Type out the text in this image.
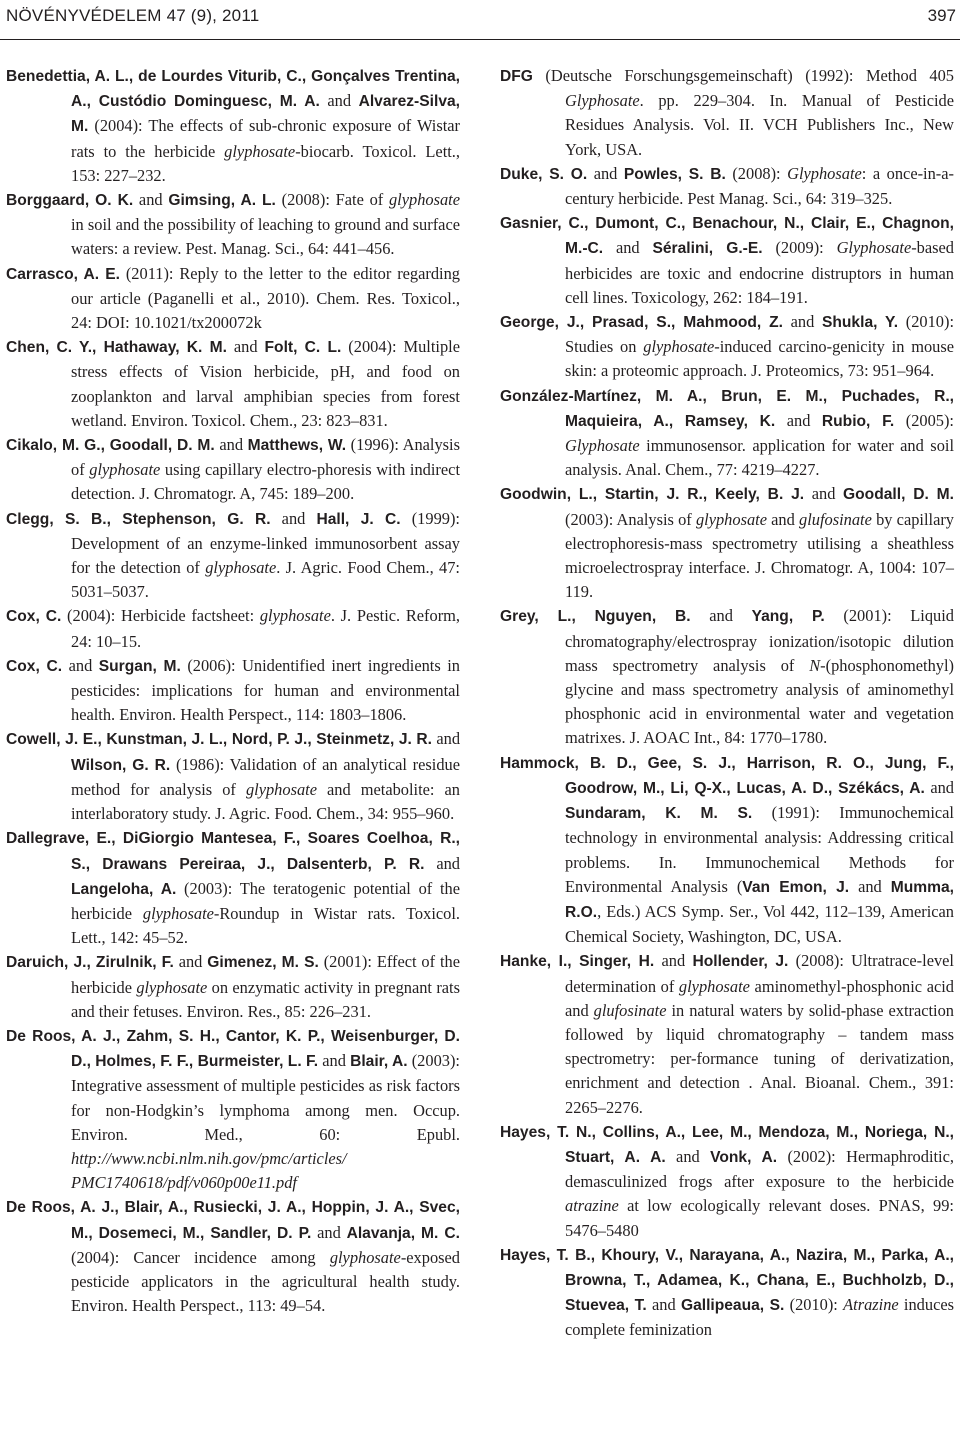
NÖVÉNYVÉDELEM 47 (9), 2011	397

Benedettia, A. L., de Lourdes Viturib, C., Gonçalves Trentina, A., Custódio Dominguesc, M. A. and Alvarez-Silva, M. (2004): The effects of sub-chronic exposure of Wistar rats to the herbicide glyphosate-biocarb. Toxicol. Lett., 153: 227–232.

Borggaard, O. K. and Gimsing, A. L. (2008): Fate of glyphosate in soil and the possibility of leaching to ground and surface waters: a review. Pest. Manag. Sci., 64: 441–456.

Carrasco, A. E. (2011): Reply to the letter to the editor regarding our article (Paganelli et al., 2010). Chem. Res. Toxicol., 24: DOI: 10.1021/tx200072k

Chen, C. Y., Hathaway, K. M. and Folt, C. L. (2004): Multiple stress effects of Vision herbicide, pH, and food on zooplankton and larval amphibian species from forest wetland. Environ. Toxicol. Chem., 23: 823–831.

Cikalo, M. G., Goodall, D. M. and Matthews, W. (1996): Analysis of glyphosate using capillary electro-phoresis with indirect detection. J. Chromatogr. A, 745: 189–200.

Clegg, S. B., Stephenson, G. R. and Hall, J. C. (1999): Development of an enzyme-linked immunosorbent assay for the detection of glyphosate. J. Agric. Food Chem., 47: 5031–5037.

Cox, C. (2004): Herbicide factsheet: glyphosate. J. Pestic. Reform, 24: 10–15.

Cox, C. and Surgan, M. (2006): Unidentified inert ingredients in pesticides: implications for human and environmental health. Environ. Health Perspect., 114: 1803–1806.

Cowell, J. E., Kunstman, J. L., Nord, P. J., Steinmetz, J. R. and Wilson, G. R. (1986): Validation of an analytical residue method for analysis of glyphosate and metabolite: an interlaboratory study. J. Agric. Food. Chem., 34: 955–960.

Dallegrave, E., DiGiorgio Mantesea, F., Soares Coelhoa, R., S., Drawans Pereiraa, J., Dalsenterb, P. R. and Langeloha, A. (2003): The teratogenic potential of the herbicide glyphosate-Roundup in Wistar rats. Toxicol. Lett., 142: 45–52.

Daruich, J., Zirulnik, F. and Gimenez, M. S. (2001): Effect of the herbicide glyphosate on enzymatic activity in pregnant rats and their fetuses. Environ. Res., 85: 226–231.

De Roos, A. J., Zahm, S. H., Cantor, K. P., Weisenburger, D. D., Holmes, F. F., Burmeister, L. F. and Blair, A. (2003): Integrative assessment of multiple pesticides as risk factors for non-Hodgkin’s lymphoma among men. Occup. Environ. Med., 60: Epubl. http://www.ncbi.nlm.nih.gov/pmc/articles/ PMC1740618/pdf/v060p00e11.pdf

De Roos, A. J., Blair, A., Rusiecki, J. A., Hoppin, J. A., Svec, M., Dosemeci, M., Sandler, D. P. and Alavanja, M. C. (2004): Cancer incidence among glyphosate-exposed pesticide applicators in the agricultural health study. Environ. Health Perspect., 113: 49–54.

DFG (Deutsche Forschungsgemeinschaft) (1992): Method 405 Glyphosate. pp. 229–304. In. Manual of Pesticide Residues Analysis. Vol. II. VCH Publishers Inc., New York, USA.

Duke, S. O. and Powles, S. B. (2008): Glyphosate: a once-in-a-century herbicide. Pest Manag. Sci., 64: 319–325.

Gasnier, C., Dumont, C., Benachour, N., Clair, E., Chagnon, M.-C. and Séralini, G.-E. (2009): Glyphosate-based herbicides are toxic and endocrine distruptors in human cell lines. Toxicology, 262: 184–191.

George, J., Prasad, S., Mahmood, Z. and Shukla, Y. (2010): Studies on glyphosate-induced carcino-genicity in mouse skin: a proteomic approach. J. Proteomics, 73: 951–964.

González-Martínez, M. A., Brun, E. M., Puchades, R., Maquieira, A., Ramsey, K. and Rubio, F. (2005): Glyphosate immunosensor. application for water and soil analysis. Anal. Chem., 77: 4219–4227.

Goodwin, L., Startin, J. R., Keely, B. J. and Goodall, D. M. (2003): Analysis of glyphosate and glufosinate by capillary electrophoresis-mass spectrometry utilising a sheathless microelectrospray interface. J. Chromatogr. A, 1004: 107–119.

Grey, L., Nguyen, B. and Yang, P. (2001): Liquid chromatography/electrospray ionization/isotopic dilution mass spectrometry analysis of N-(phosphonomethyl) glycine and mass spectrometry analysis of aminomethyl phosphonic acid in environmental water and vegetation matrixes. J. AOAC Int., 84: 1770–1780.

Hammock, B. D., Gee, S. J., Harrison, R. O., Jung, F., Goodrow, M., Li, Q-X., Lucas, A. D., Székács, A. and Sundaram, K. M. S. (1991): Immunochemical technology in environmental analysis: Addressing critical problems. In. Immunochemical Methods for Environmental Analysis (Van Emon, J. and Mumma, R.O., Eds.) ACS Symp. Ser., Vol 442, 112–139, American Chemical Society, Washington, DC, USA.

Hanke, I., Singer, H. and Hollender, J. (2008): Ultratrace-level determination of glyphosate aminomethyl-phosphonic acid and glufosinate in natural waters by solid-phase extraction followed by liquid chromatography – tandem mass spectrometry: per-formance tuning of derivatization, enrichment and detection . Anal. Bioanal. Chem., 391: 2265–2276.

Hayes, T. N., Collins, A., Lee, M., Mendoza, M., Noriega, N., Stuart, A. A. and Vonk, A. (2002): Hermaphroditic, demasculinized frogs after exposure to the herbicide atrazine at low ecologically relevant doses. PNAS, 99: 5476–5480

Hayes, T. B., Khoury, V., Narayana, A., Nazira, M., Parka, A., Browna, T., Adamea, K., Chana, E., Buchholzb, D., Stuevea, T. and Gallipeaua, S. (2010): Atrazine induces complete feminization
